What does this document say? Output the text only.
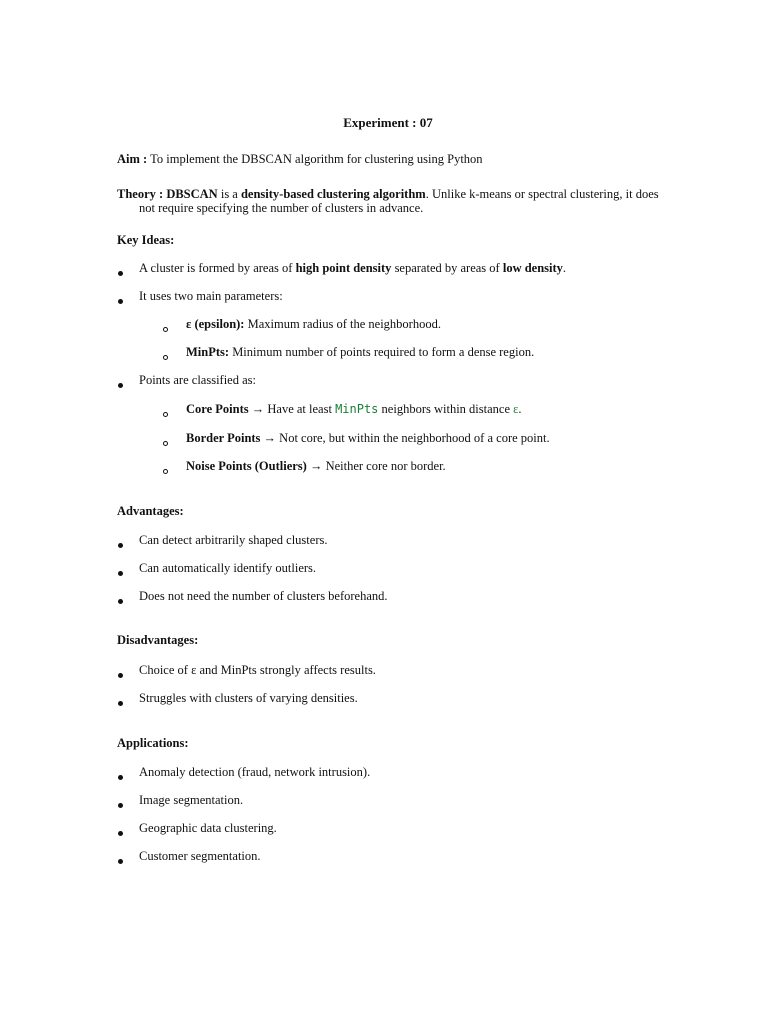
Experiment : 07
Aim : To implement the DBSCAN algorithm for clustering using Python
Theory : DBSCAN is a density-based clustering algorithm. Unlike k-means or spectral clustering, it does
not require specifying the number of clusters in advance.
Key Ideas:
A cluster is formed by areas of high point density separated by areas of low density.
It uses two main parameters:
ε (epsilon): Maximum radius of the neighborhood.
MinPts: Minimum number of points required to form a dense region.
Points are classified as:
Core Points → Have at least MinPts neighbors within distance ε.
Border Points → Not core, but within the neighborhood of a core point.
Noise Points (Outliers) → Neither core nor border.
Advantages:
Can detect arbitrarily shaped clusters.
Can automatically identify outliers.
Does not need the number of clusters beforehand.
Disadvantages:
Choice of ε and MinPts strongly affects results.
Struggles with clusters of varying densities.
Applications:
Anomaly detection (fraud, network intrusion).
Image segmentation.
Geographic data clustering.
Customer segmentation.
